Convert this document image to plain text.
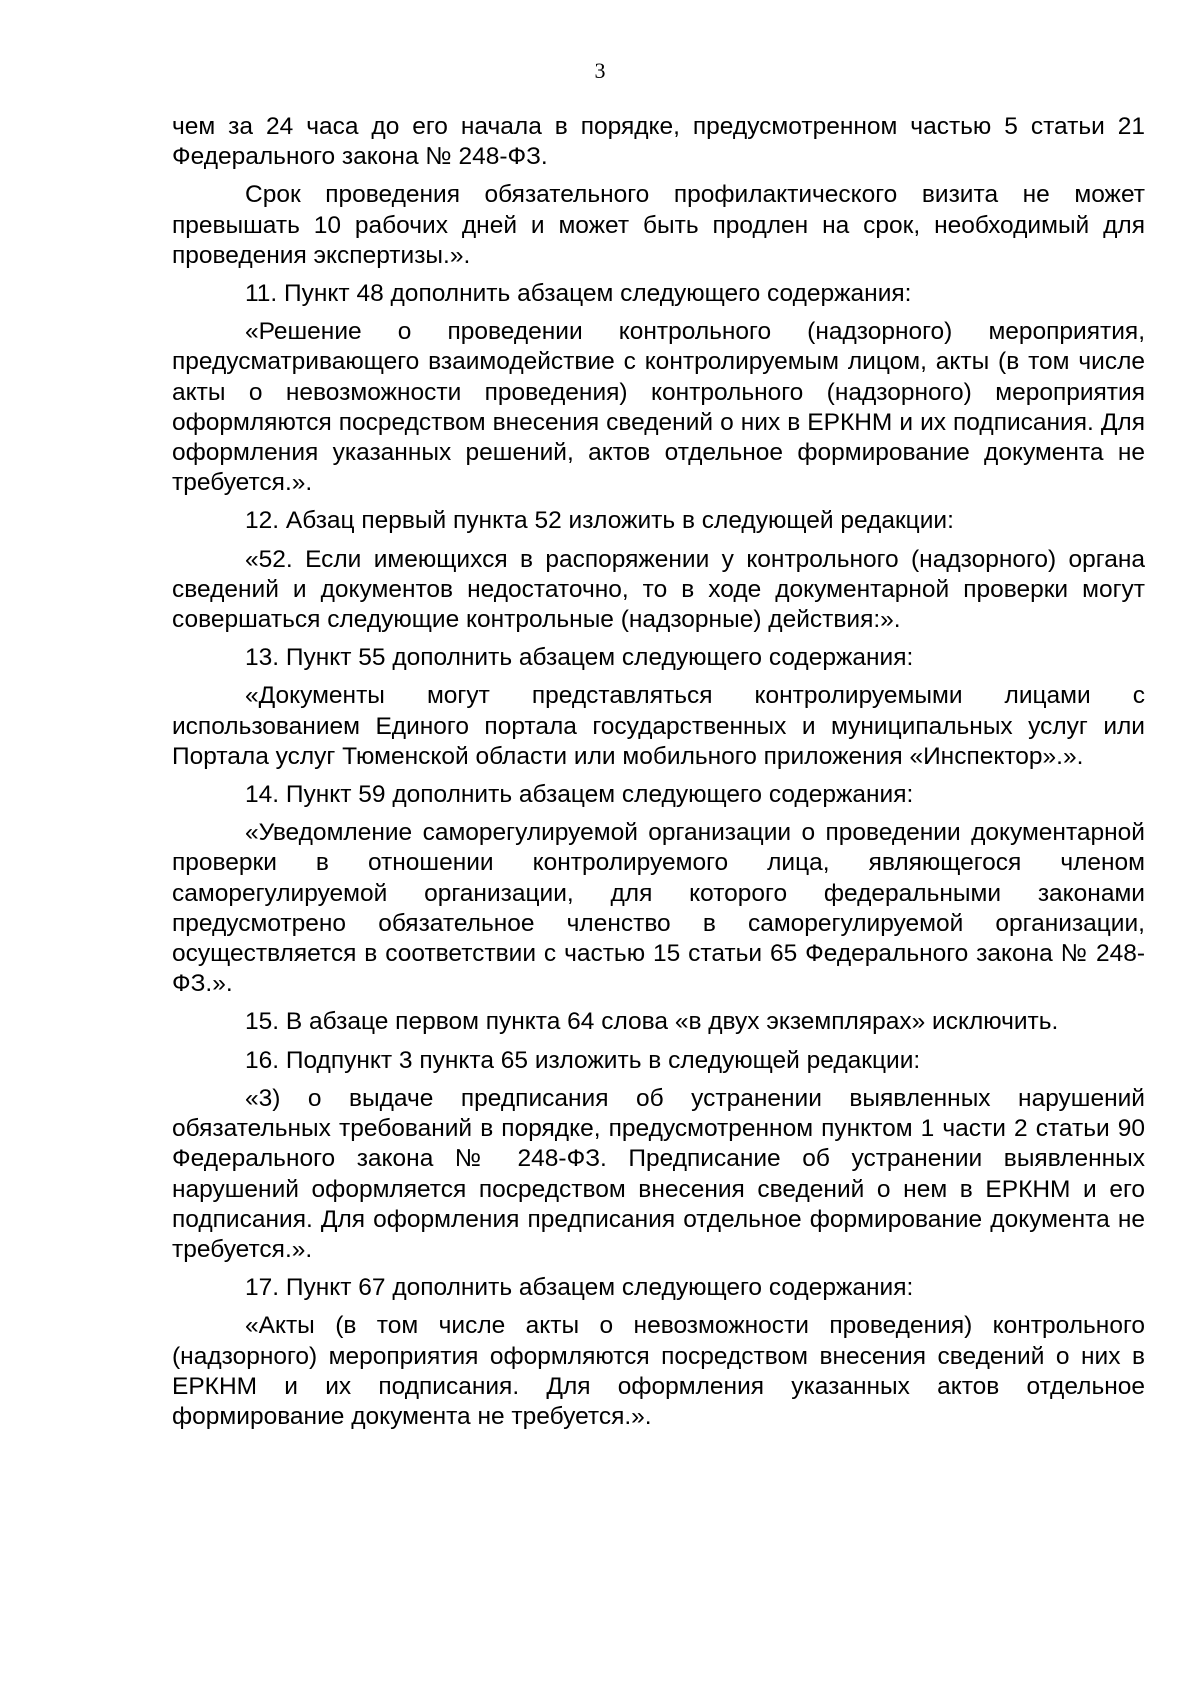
3

чем за 24 часа до его начала в порядке, предусмотренном частью 5 статьи 21 Федерального закона № 248-ФЗ.

Срок проведения обязательного профилактического визита не может превышать 10 рабочих дней и может быть продлен на срок, необходимый для проведения экспертизы.».

11. Пункт 48 дополнить абзацем следующего содержания:

«Решение о проведении контрольного (надзорного) мероприятия, предусматривающего взаимодействие с контролируемым лицом, акты (в том числе акты о невозможности проведения) контрольного (надзорного) мероприятия оформляются посредством внесения сведений о них в ЕРКНМ и их подписания. Для оформления указанных решений, актов отдельное формирование документа не требуется.».

12. Абзац первый пункта 52 изложить в следующей редакции:

«52. Если имеющихся в распоряжении у контрольного (надзорного) органа сведений и документов недостаточно, то в ходе документарной проверки могут совершаться следующие контрольные (надзорные) действия:».

13. Пункт 55 дополнить абзацем следующего содержания:

«Документы могут представляться контролируемыми лицами с использованием Единого портала государственных и муниципальных услуг или Портала услуг Тюменской области или мобильного приложения «Инспектор».».

14. Пункт 59 дополнить абзацем следующего содержания:

«Уведомление саморегулируемой организации о проведении документарной проверки в отношении контролируемого лица, являющегося членом саморегулируемой организации, для которого федеральными законами предусмотрено обязательное членство в саморегулируемой организации, осуществляется в соответствии с частью 15 статьи 65 Федерального закона № 248-ФЗ.».

15. В абзаце первом пункта 64 слова «в двух экземплярах» исключить.

16. Подпункт 3 пункта 65 изложить в следующей редакции:

«3) о выдаче предписания об устранении выявленных нарушений обязательных требований в порядке, предусмотренном пунктом 1 части 2 статьи 90 Федерального закона № 248-ФЗ. Предписание об устранении выявленных нарушений оформляется посредством внесения сведений о нем в ЕРКНМ и его подписания. Для оформления предписания отдельное формирование документа не требуется.».

17. Пункт 67 дополнить абзацем следующего содержания:

«Акты (в том числе акты о невозможности проведения) контрольного (надзорного) мероприятия оформляются посредством внесения сведений о них в ЕРКНМ и их подписания. Для оформления указанных актов отдельное формирование документа не требуется.».
